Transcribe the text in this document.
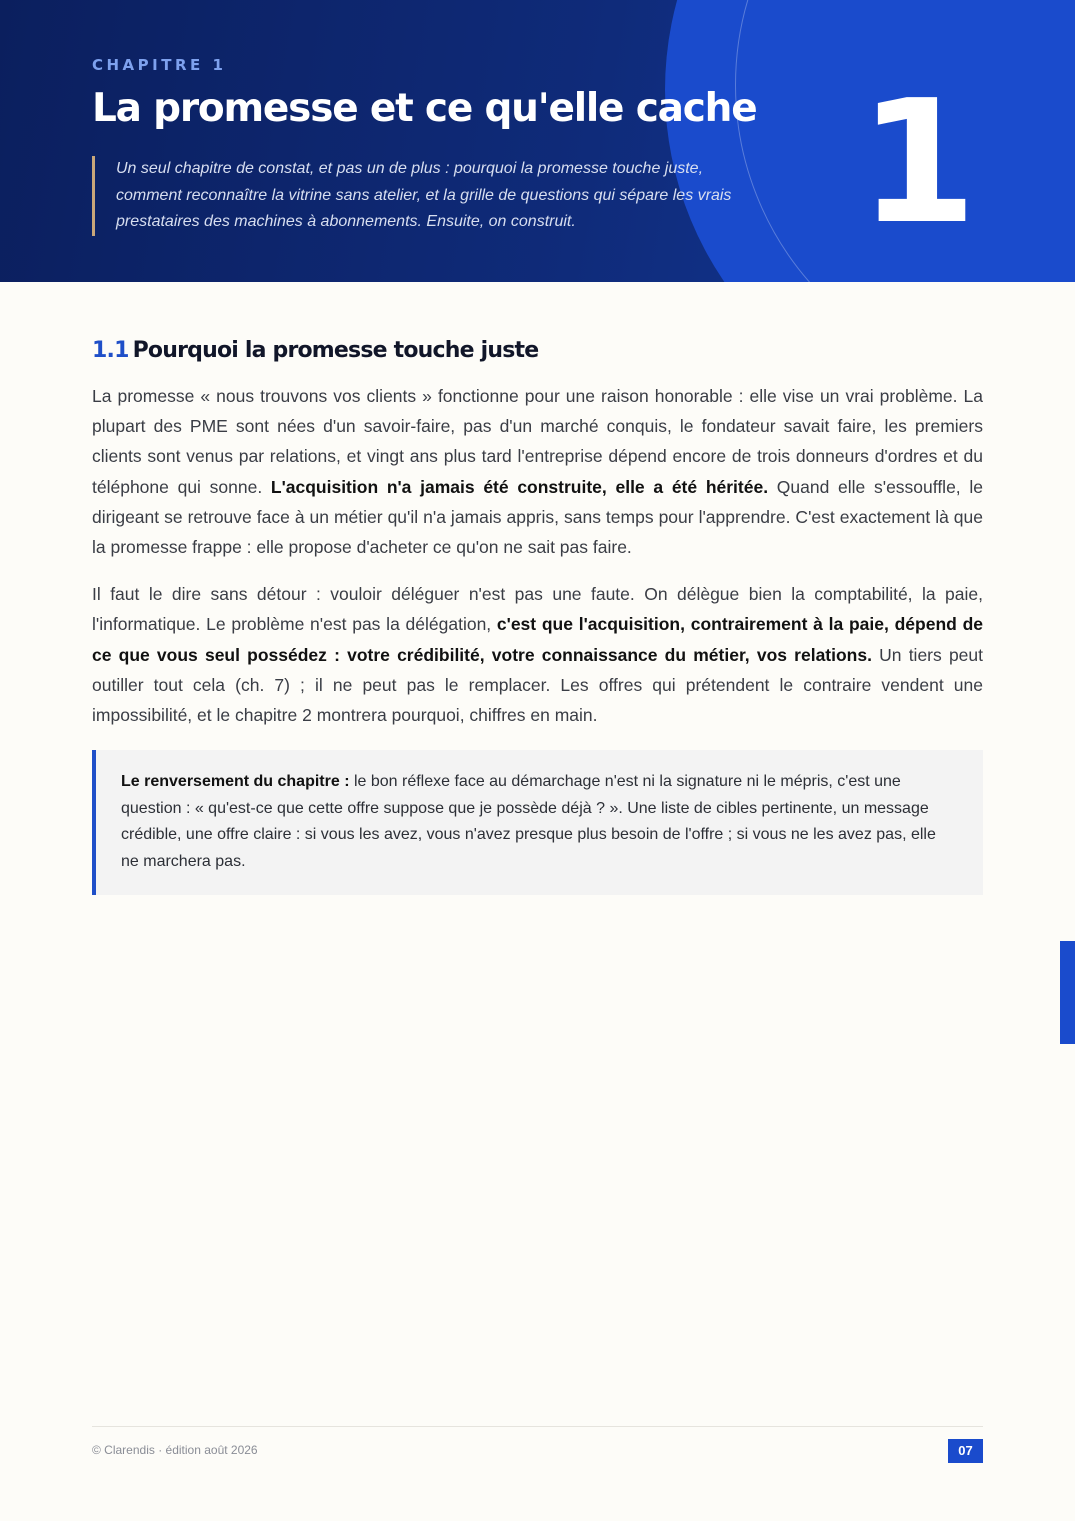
CHAPITRE 1
La promesse et ce qu'elle cache
Un seul chapitre de constat, et pas un de plus : pourquoi la promesse touche juste, comment reconnaître la vitrine sans atelier, et la grille de questions qui sépare les vrais prestataires des machines à abonnements. Ensuite, on construit.	1
1.1 Pourquoi la promesse touche juste

La promesse « nous trouvons vos clients » fonctionne pour une raison honorable : elle vise un vrai problème. La plupart des PME sont nées d'un savoir-faire, pas d'un marché conquis, le fondateur savait faire, les premiers clients sont venus par relations, et vingt ans plus tard l'entreprise dépend encore de trois donneurs d'ordres et du téléphone qui sonne. L'acquisition n'a jamais été construite, elle a été héritée. Quand elle s'essouffle, le dirigeant se retrouve face à un métier qu'il n'a jamais appris, sans temps pour l'apprendre. C'est exactement là que la promesse frappe : elle propose d'acheter ce qu'on ne sait pas faire.

Il faut le dire sans détour : vouloir déléguer n'est pas une faute. On délègue bien la comptabilité, la paie, l'informatique. Le problème n'est pas la délégation, c'est que l'acquisition, contrairement à la paie, dépend de ce que vous seul possédez : votre crédibilité, votre connaissance du métier, vos relations. Un tiers peut outiller tout cela (ch. 7) ; il ne peut pas le remplacer. Les offres qui prétendent le contraire vendent une impossibilité, et le chapitre 2 montrera pourquoi, chiffres en main.

Le renversement du chapitre : le bon réflexe face au démarchage n'est ni la signature ni le mépris, c'est une question : « qu'est-ce que cette offre suppose que je possède déjà ? ». Une liste de cibles pertinente, un message crédible, une offre claire : si vous les avez, vous n'avez presque plus besoin de l'offre ; si vous ne les avez pas, elle ne marchera pas.
© Clarendis · édition août 2026	07
